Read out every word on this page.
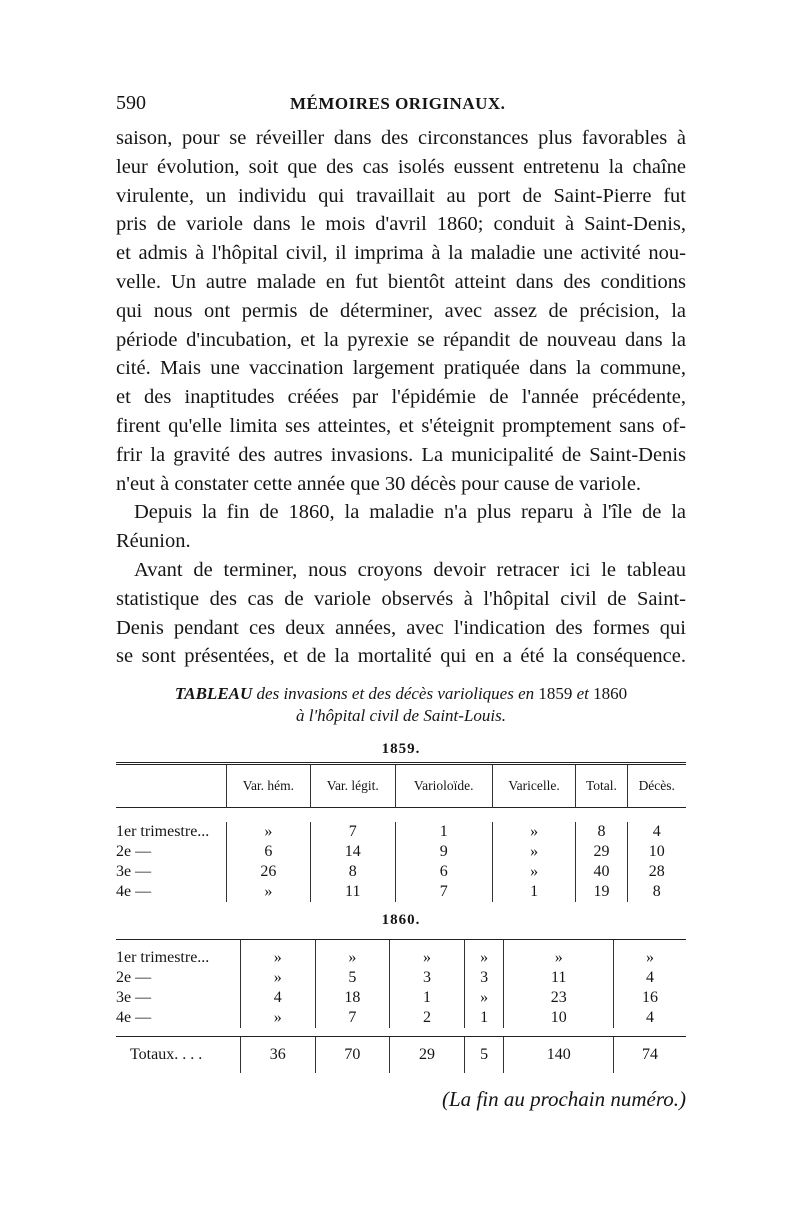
590	MÉMOIRES ORIGINAUX.

saison, pour se réveiller dans des circonstances plus favorables à
leur évolution, soit que des cas isolés eussent entretenu la chaîne
virulente, un individu qui travaillait au port de Saint-Pierre fut
pris de variole dans le mois d'avril 1860; conduit à Saint-Denis,
et admis à l'hôpital civil, il imprima à la maladie une activité nou-
velle. Un autre malade en fut bientôt atteint dans des conditions
qui nous ont permis de déterminer, avec assez de précision, la
période d'incubation, et la pyrexie se répandit de nouveau dans la
cité. Mais une vaccination largement pratiquée dans la commune,
et des inaptitudes créées par l'épidémie de l'année précédente,
firent qu'elle limita ses atteintes, et s'éteignit promptement sans of-
frir la gravité des autres invasions. La municipalité de Saint-Denis
n'eut à constater cette année que 30 décès pour cause de variole.
Depuis la fin de 1860, la maladie n'a plus reparu à l'île de la
Réunion.
Avant de terminer, nous croyons devoir retracer ici le tableau
statistique des cas de variole observés à l'hôpital civil de Saint-
Denis pendant ces deux années, avec l'indication des formes qui
se sont présentées, et de la mortalité qui en a été la conséquence.

TABLEAU des invasions et des décès varioliques en 1859 et 1860
à l'hôpital civil de Saint-Louis.
1859.
	Var. hém.	Var. légit.	Varioloïde.	Varicelle.	Total.	Décès.

1er trimestre...	»	7	1	»	8	4
2e —	6	14	9	»	29	10
3e —	26	8	6	»	40	28
4e —	»	11	7	1	19	8
1860.

1er trimestre...	»	»	»	»	»	»
2e —	»	5	3	3	11	4
3e —	4	18	1	»	23	16
4e —	»	7	2	1	10	4

Totaux. . . .	36	70	29	5	140	74
(La fin au prochain numéro.)
